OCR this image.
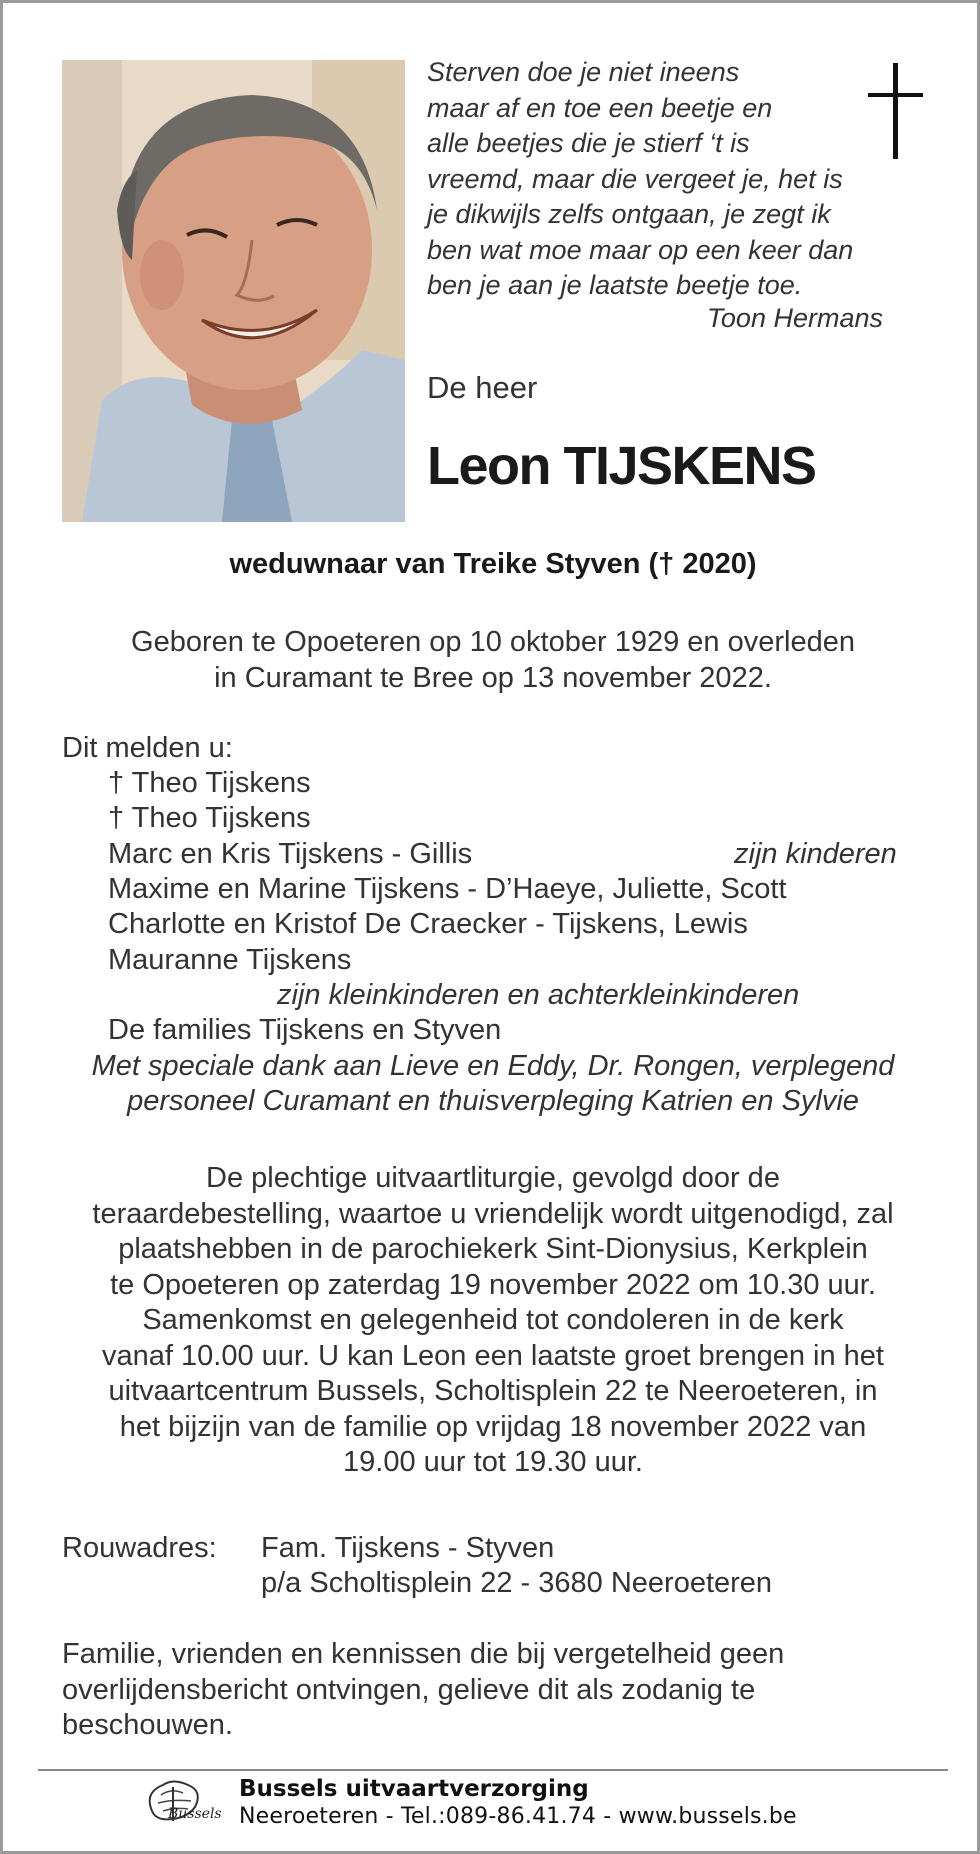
Sterven doe je niet ineens
maar af en toe een beetje en
alle beetjes die je stierf ‘t is
vreemd, maar die vergeet je, het is
je dikwijls zelfs ontgaan, je zegt ik
ben wat moe maar op een keer dan
ben je aan je laatste beetje toe.
Toon Hermans
De heer
Leon TIJSKENS
weduwnaar van Treike Styven († 2020)
Geboren te Opoeteren op 10 oktober 1929 en overleden
in Curamant te Bree op 13 november 2022.
Dit melden u:
† Theo Tijskens
† Theo Tijskens
Marc en Kris Tijskens - Gillis	zijn kinderen
Maxime en Marine Tijskens - D’Haeye, Juliette, Scott
Charlotte en Kristof De Craecker - Tijskens, Lewis
Mauranne Tijskens
zijn kleinkinderen en achterkleinkinderen
De families Tijskens en Styven
Met speciale dank aan Lieve en Eddy, Dr. Rongen, verplegend
personeel Curamant en thuisverpleging Katrien en Sylvie
De plechtige uitvaartliturgie, gevolgd door de
teraardebestelling, waartoe u vriendelijk wordt uitgenodigd, zal
plaatshebben in de parochiekerk Sint-Dionysius, Kerkplein
te Opoeteren op zaterdag 19 november 2022 om 10.30 uur.
Samenkomst en gelegenheid tot condoleren in de kerk
vanaf 10.00 uur. U kan Leon een laatste groet brengen in het
uitvaartcentrum Bussels, Scholtisplein 22 te Neeroeteren, in
het bijzijn van de familie op vrijdag 18 november 2022 van
19.00 uur tot 19.30 uur.
Rouwadres: Fam. Tijskens - Styven
p/a Scholtisplein 22 - 3680 Neeroeteren
Familie, vrienden en kennissen die bij vergetelheid geen
overlijdensbericht ontvingen, gelieve dit als zodanig te
beschouwen.
Bussels
Bussels uitvaartverzorging
Neeroeteren - Tel.:089-86.41.74 - www.bussels.be
